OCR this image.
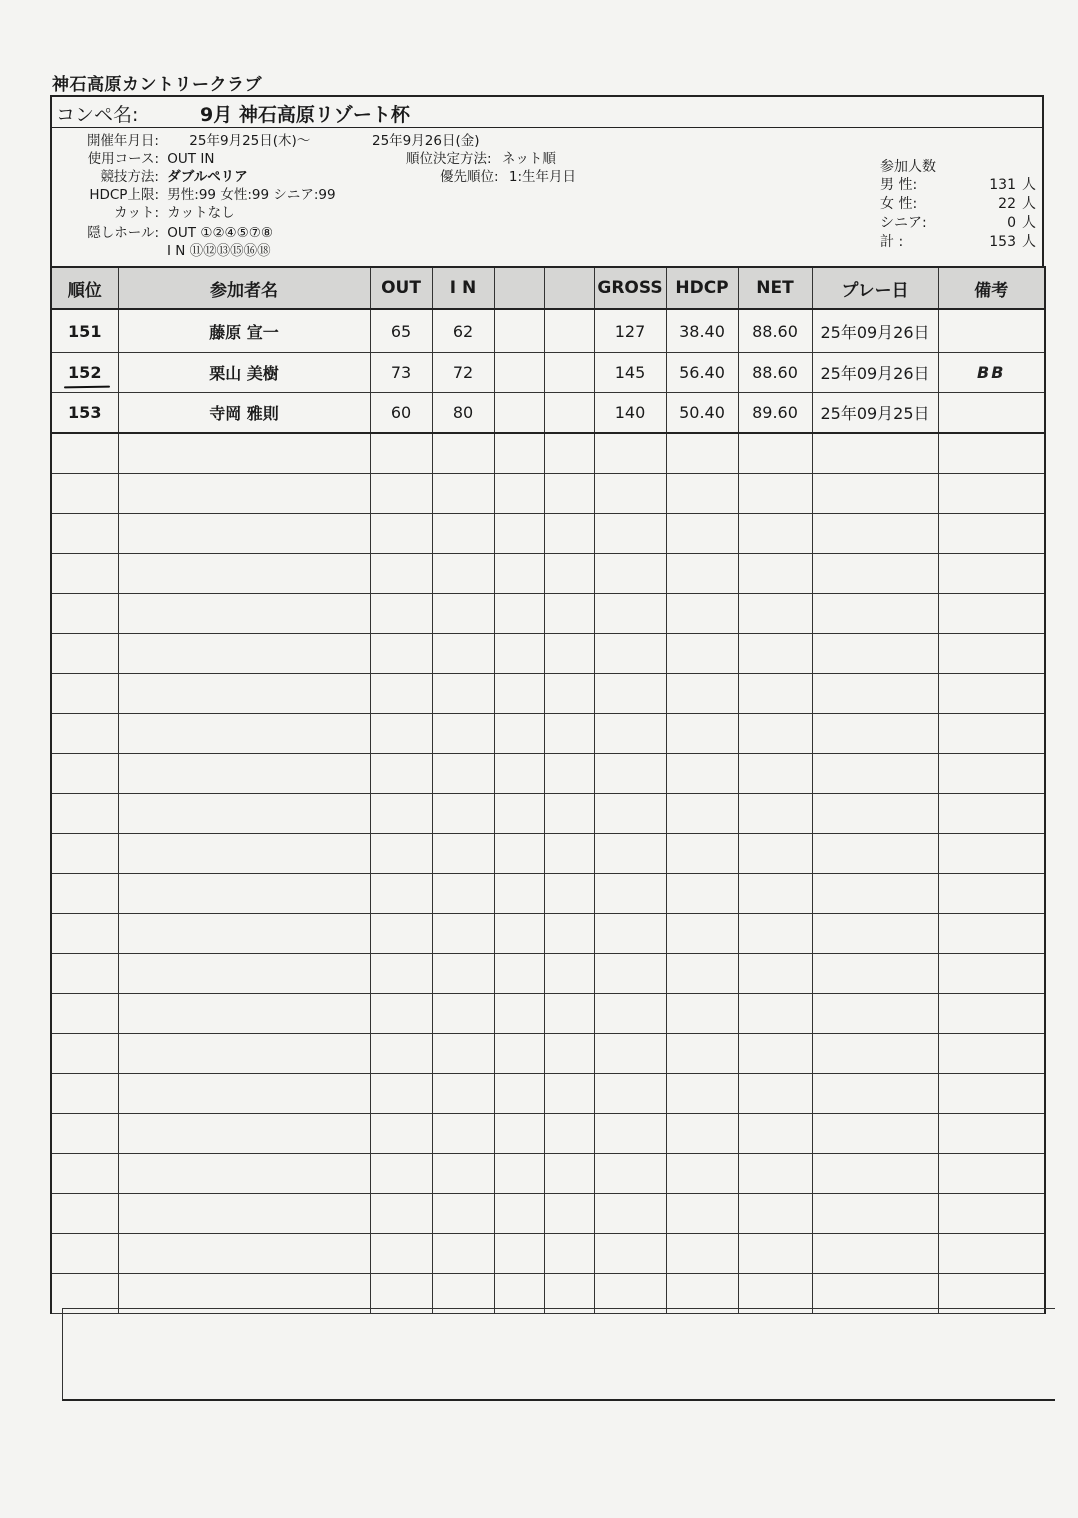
神石高原カントリークラブ
コンペ名:	9月 神石高原リゾート杯
開催年月日: 25年9月25日(木)～	25年9月26日(金)
使用コース: OUT IN	順位決定方法: ネット順
競技方法: ダブルペリア	優先順位: 1:生年月日
HDCP上限: 男性:99 女性:99 シニア:99
カット: カットなし
隠しホール: OUT ①②④⑤⑦⑧
I N ⑪⑫⑬⑮⑯⑱
参加人数
男 性:	131 人
女 性:	22 人
シニア:	0 人
計 :	153 人
順位	参加者名	OUT	I N			GROSS	HDCP	NET	プレー日	備考
151	藤原 宣一	65	62			127	38.40	88.60	25年09月26日	
152	栗山 美樹	73	72			145	56.40	88.60	25年09月26日	BB
153	寺岡 雅則	60	80			140	50.40	89.60	25年09月25日	
